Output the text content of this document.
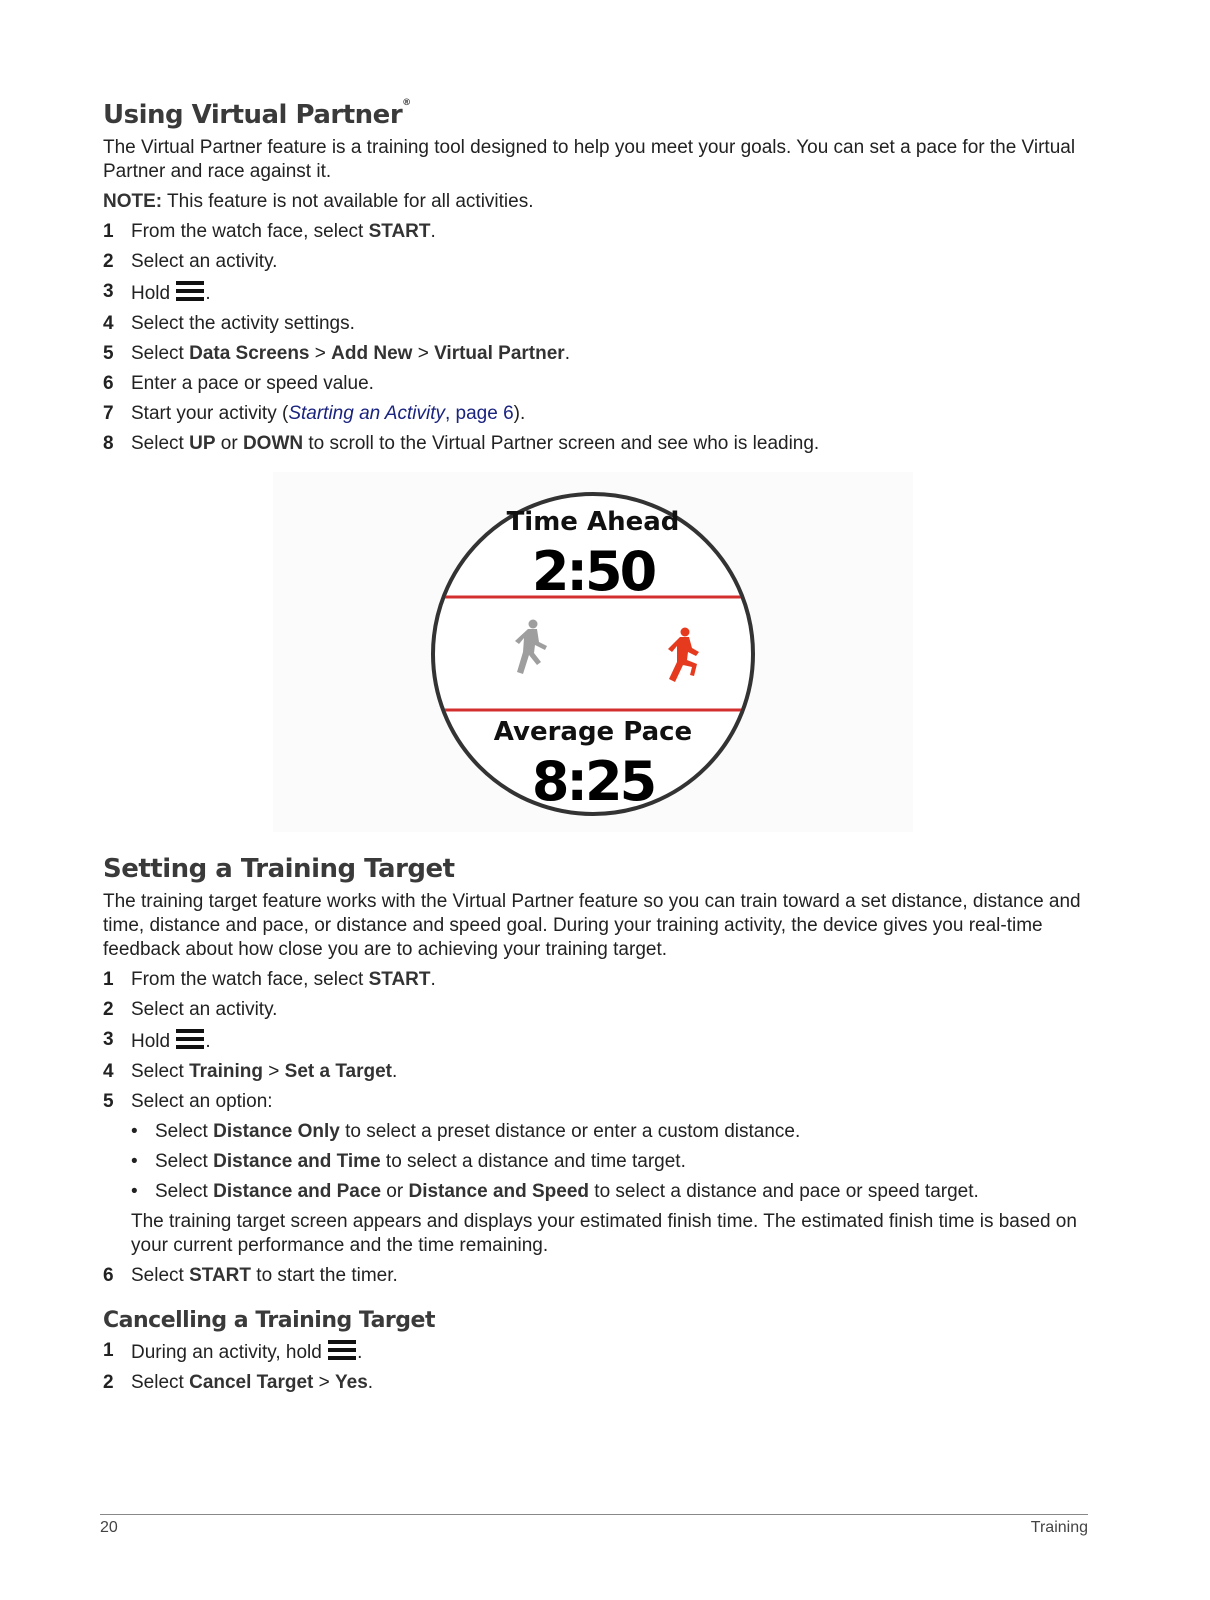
Using Virtual Partner®

The Virtual Partner feature is a training tool designed to help you meet your goals. You can set a pace for the Virtual Partner and race against it.

NOTE: This feature is not available for all activities.

1 From the watch face, select START.
2 Select an activity.
3 Hold .
4 Select the activity settings.
5 Select Data Screens > Add New > Virtual Partner.
6 Enter a pace or speed value.
7 Start your activity (Starting an Activity, page 6).
8 Select UP or DOWN to scroll to the Virtual Partner screen and see who is leading.
Time Ahead
2:50
Average Pace
8:25
Setting a Training Target

The training target feature works with the Virtual Partner feature so you can train toward a set distance, distance and time, distance and pace, or distance and speed goal. During your training activity, the device gives you real-time feedback about how close you are to achieving your training target.

1 From the watch face, select START.
2 Select an activity.
3 Hold .
4 Select Training > Set a Target.
5 Select an option:
• Select Distance Only to select a preset distance or enter a custom distance.
• Select Distance and Time to select a distance and time target.
• Select Distance and Pace or Distance and Speed to select a distance and pace or speed target.
The training target screen appears and displays your estimated finish time. The estimated finish time is based on your current performance and the time remaining.
6 Select START to start the timer.
Cancelling a Training Target
1 During an activity, hold .
2 Select Cancel Target > Yes.
20	Training
